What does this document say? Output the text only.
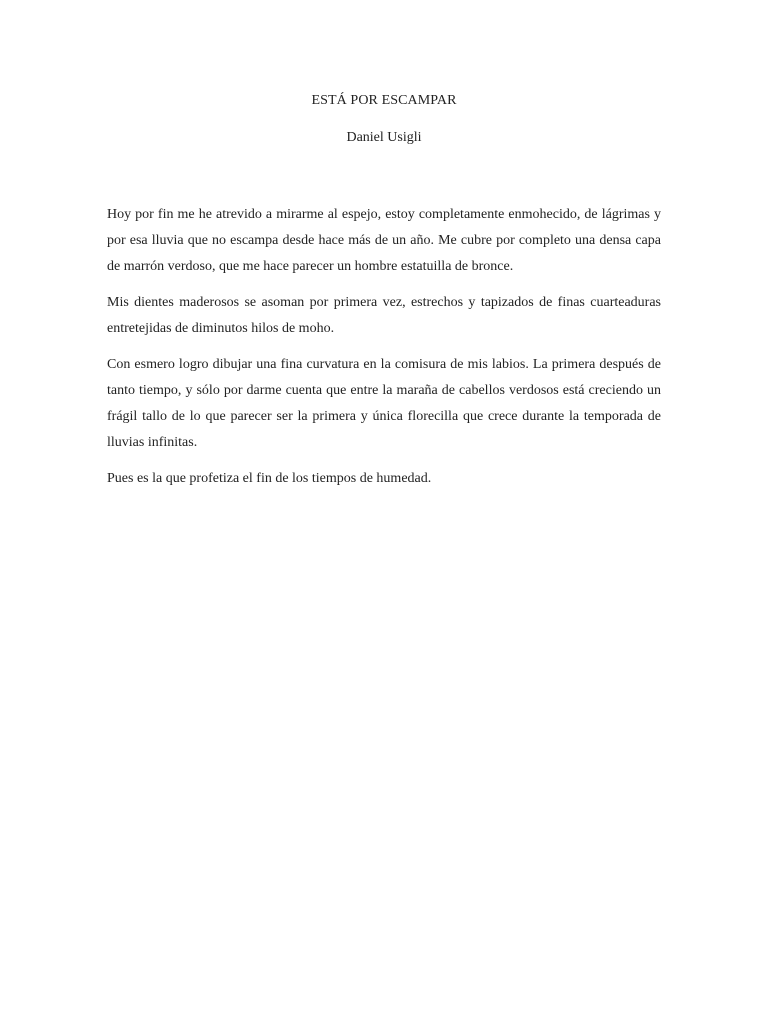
ESTÁ POR ESCAMPAR
Daniel Usigli

Hoy por fin me he atrevido a mirarme al espejo, estoy completamente enmohecido, de lágrimas y por esa lluvia que no escampa desde hace más de un año. Me cubre por completo una densa capa de marrón verdoso, que me hace parecer un hombre estatuilla de bronce.

Mis dientes maderosos se asoman por primera vez, estrechos y tapizados de finas cuarteaduras entretejidas de diminutos hilos de moho.

Con esmero logro dibujar una fina curvatura en la comisura de mis labios. La primera después de tanto tiempo, y sólo por darme cuenta que entre la maraña de cabellos verdosos está creciendo un frágil tallo de lo que parecer ser la primera y única florecilla que crece durante la temporada de lluvias infinitas.

Pues es la que profetiza el fin de los tiempos de humedad.
